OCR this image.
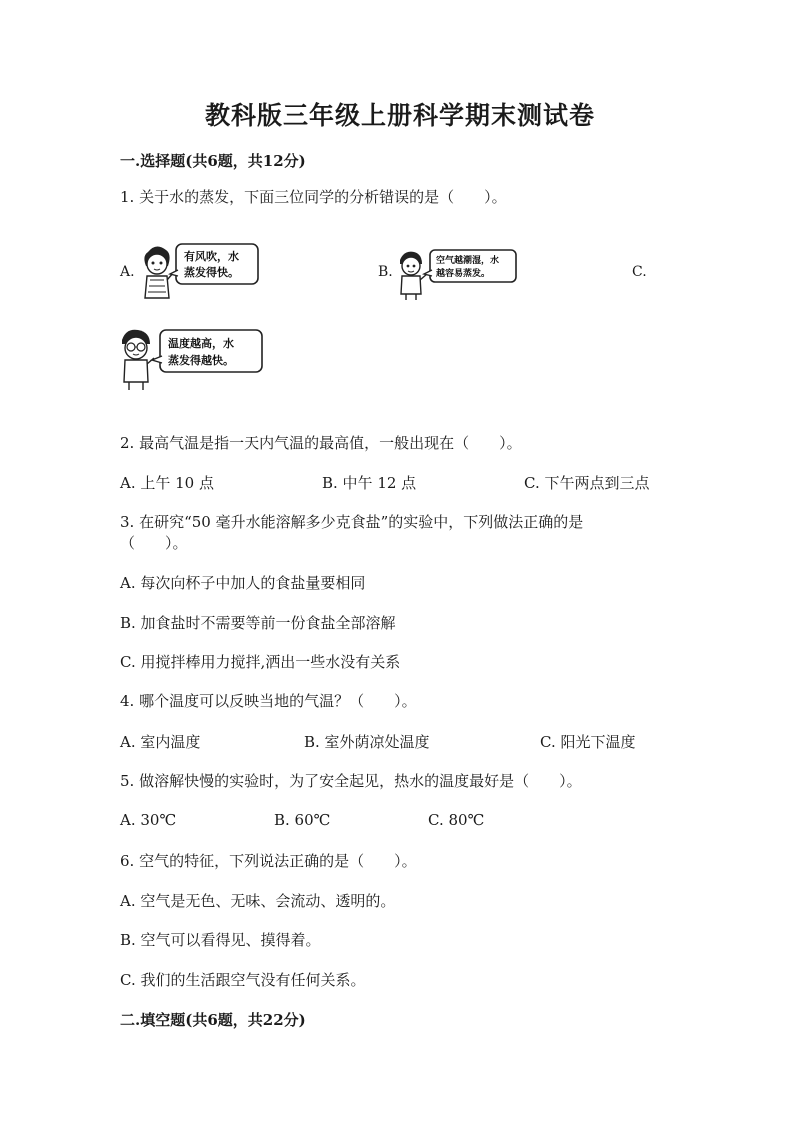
教科版三年级上册科学期末测试卷
一.选择题(共6题，共12分)
1. 关于水的蒸发，下面三位同学的分析错误的是（　　）。
A.	B.	C.
有风吹，水
蒸发得快。
空气越潮湿，水
越容易蒸发。
温度越高，水
蒸发得越快。
2. 最高气温是指一天内气温的最高值，一般出现在（　　）。
A. 上午 10 点	B. 中午 12 点	C. 下午两点到三点
3. 在研究“50 毫升水能溶解多少克食盐”的实验中，下列做法正确的是
（　　）。
A. 每次向杯子中加人的食盐量要相同
B. 加食盐时不需要等前一份食盐全部溶解
C. 用搅拌棒用力搅拌,洒出一些水没有关系
4. 哪个温度可以反映当地的气温？（　　）。
A. 室内温度	B. 室外荫凉处温度	C. 阳光下温度
5. 做溶解快慢的实验时，为了安全起见，热水的温度最好是（　　）。
A. 30℃	B. 60℃	C. 80℃
6. 空气的特征，下列说法正确的是（　　）。
A. 空气是无色、无味、会流动、透明的。
B. 空气可以看得见、摸得着。
C. 我们的生活跟空气没有任何关系。
二.填空题(共6题，共22分)
